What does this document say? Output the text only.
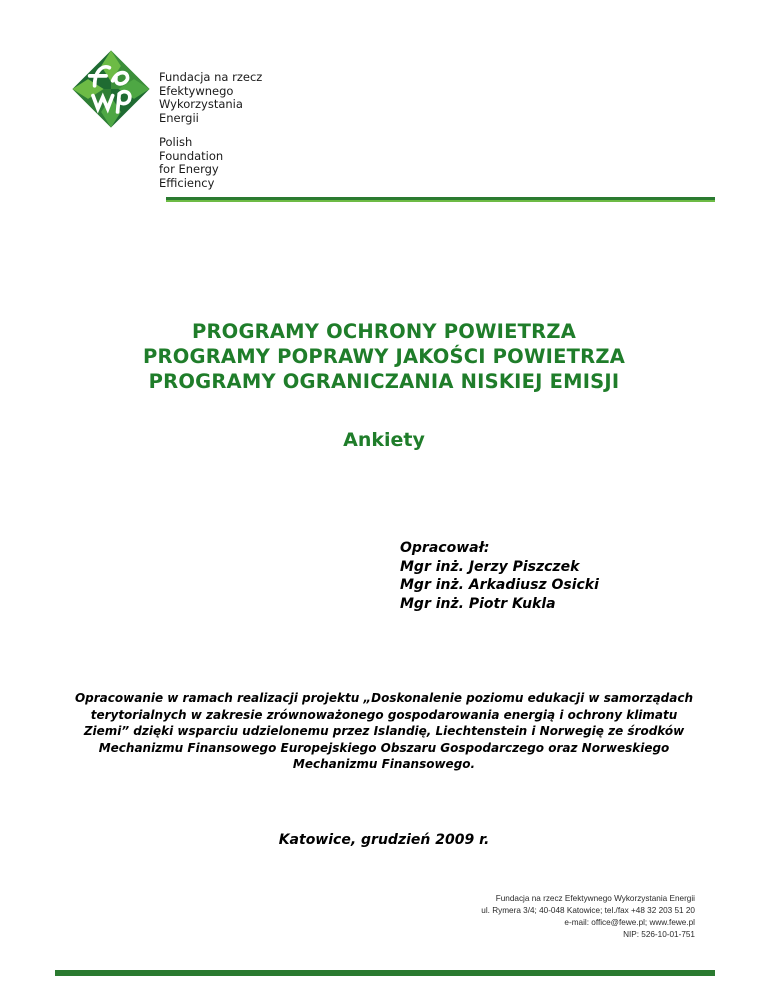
Fundacja na rzecz
Efektywnego
Wykorzystania
Energii
Polish
Foundation
for Energy
Efficiency
PROGRAMY OCHRONY POWIETRZA
PROGRAMY POPRAWY JAKOŚCI POWIETRZA
PROGRAMY OGRANICZANIA NISKIEJ EMISJI
Ankiety
Opracował:
Mgr inż. Jerzy Piszczek
Mgr inż. Arkadiusz Osicki
Mgr inż. Piotr Kukla
Opracowanie w ramach realizacji projektu „Doskonalenie poziomu edukacji w samorządach
terytorialnych w zakresie zrównoważonego gospodarowania energią i ochrony klimatu
Ziemi” dzięki wsparciu udzielonemu przez Islandię, Liechtenstein i Norwegię ze środków
Mechanizmu Finansowego Europejskiego Obszaru Gospodarczego oraz Norweskiego
Mechanizmu Finansowego.
Katowice, grudzień 2009 r.
Fundacja na rzecz Efektywnego Wykorzystania Energii
ul. Rymera 3/4; 40-048 Katowice; tel./fax +48 32 203 51 20
e-mail: office@fewe.pl; www.fewe.pl
NIP: 526-10-01-751
